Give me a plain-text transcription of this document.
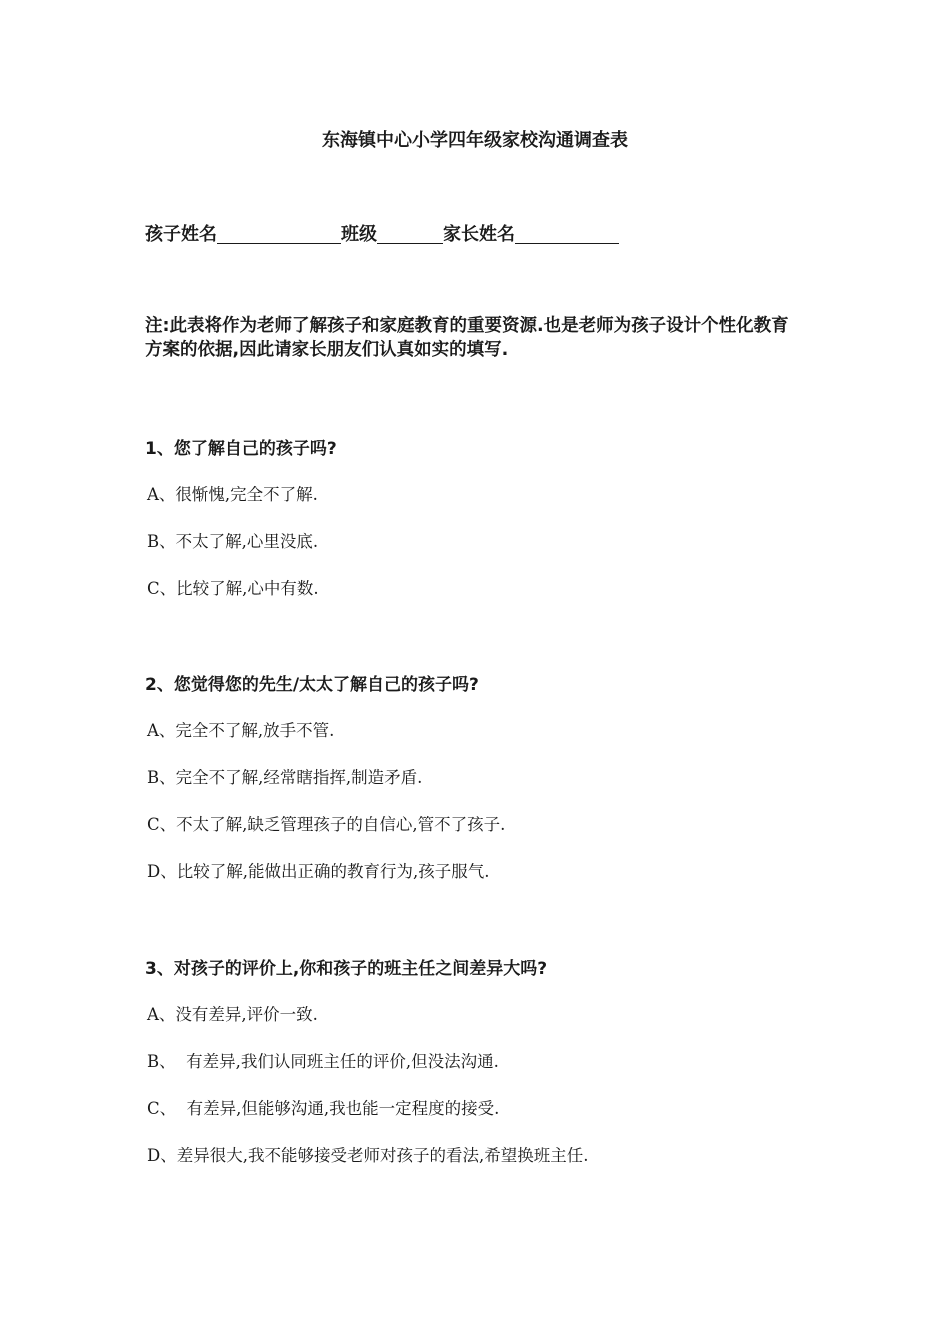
东海镇中心小学四年级家校沟通调查表
孩子姓名	班级	家长姓名
注:此表将作为老师了解孩子和家庭教育的重要资源.也是老师为孩子设计个性化教育方案的依据,因此请家长朋友们认真如实的填写.
1、您了解自己的孩子吗?
A、很惭愧,完全不了解.
B、不太了解,心里没底.
C、比较了解,心中有数.
2、您觉得您的先生/太太了解自己的孩子吗?
A、完全不了解,放手不管.
B、完全不了解,经常瞎指挥,制造矛盾.
C、不太了解,缺乏管理孩子的自信心,管不了孩子.
D、比较了解,能做出正确的教育行为,孩子服气.
3、对孩子的评价上,你和孩子的班主任之间差异大吗?
A、没有差异,评价一致.
B、  有差异,我们认同班主任的评价,但没法沟通.
C、  有差异,但能够沟通,我也能一定程度的接受.
D、差异很大,我不能够接受老师对孩子的看法,希望换班主任.
